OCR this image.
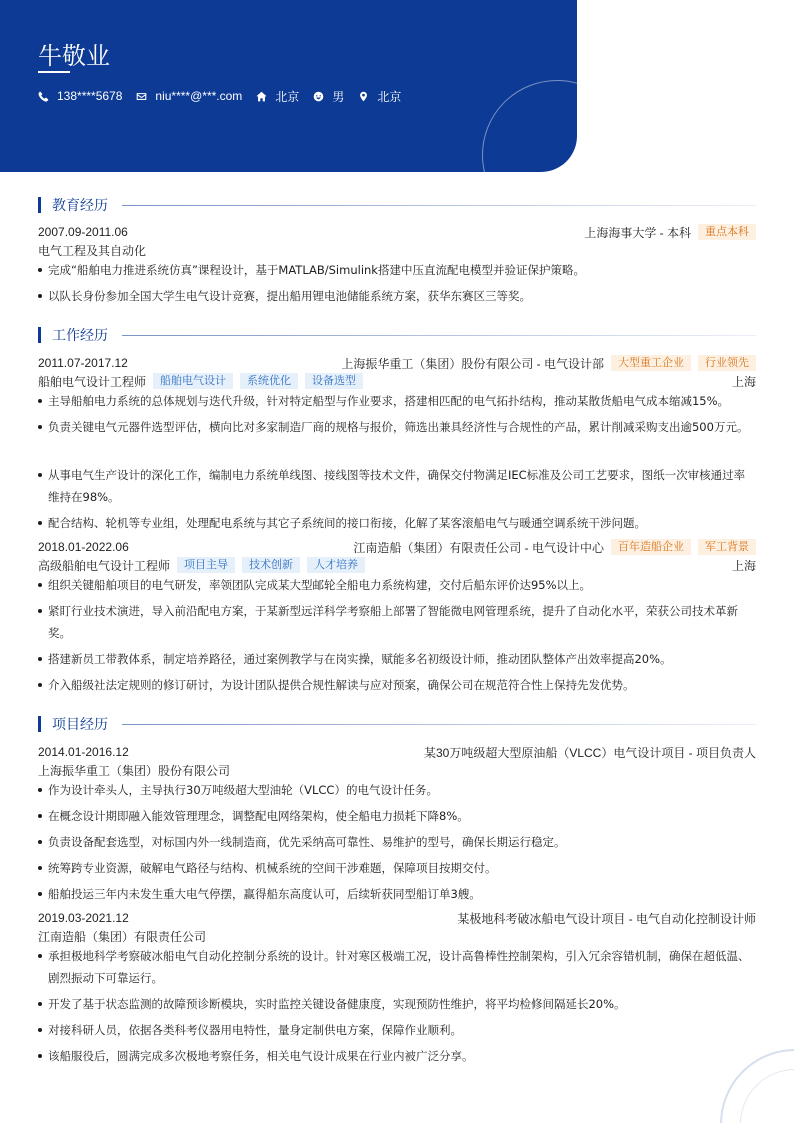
牛敬业
138****5678	niu****@***.com	北京	男	北京
教育经历
2007.09-2011.06	上海海事大学 - 本科	重点本科
电气工程及其自动化
完成“船舶电力推进系统仿真”课程设计，基于MATLAB/Simulink搭建中压直流配电模型并验证保护策略。
以队长身份参加全国大学生电气设计竞赛，提出船用锂电池储能系统方案，获华东赛区三等奖。
工作经历
2011.07-2017.12	上海振华重工（集团）股份有限公司 - 电气设计部	大型重工企业	行业领先
船舶电气设计工程师	船舶电气设计	系统优化	设备选型	上海
主导船舶电力系统的总体规划与迭代升级，针对特定船型与作业要求，搭建相匹配的电气拓扑结构，推动某散货船电气成本缩减15%。
负责关键电气元器件选型评估，横向比对多家制造厂商的规格与报价，筛选出兼具经济性与合规性的产品，累计削减采购支出逾500万元。
从事电气生产设计的深化工作，编制电力系统单线图、接线图等技术文件，确保交付物满足IEC标准及公司工艺要求，图纸一次审核通过率维持在98%。
配合结构、轮机等专业组，处理配电系统与其它子系统间的接口衔接，化解了某客滚船电气与暖通空调系统干涉问题。
2018.01-2022.06	江南造船（集团）有限责任公司 - 电气设计中心	百年造船企业	军工背景
高级船舶电气设计工程师	项目主导	技术创新	人才培养	上海
组织关键船舶项目的电气研发，率领团队完成某大型邮轮全船电力系统构建，交付后船东评价达95%以上。
紧盯行业技术演进，导入前沿配电方案，于某新型远洋科学考察船上部署了智能微电网管理系统，提升了自动化水平，荣获公司技术革新奖。
搭建新员工带教体系，制定培养路径，通过案例教学与在岗实操，赋能多名初级设计师，推动团队整体产出效率提高20%。
介入船级社法定规则的修订研讨，为设计团队提供合规性解读与应对预案，确保公司在规范符合性上保持先发优势。
项目经历
2014.01-2016.12	某30万吨级超大型原油船（VLCC）电气设计项目 - 项目负责人
上海振华重工（集团）股份有限公司
作为设计牵头人，主导执行30万吨级超大型油轮（VLCC）的电气设计任务。
在概念设计期即融入能效管理理念，调整配电网络架构，使全船电力损耗下降8%。
负责设备配套选型，对标国内外一线制造商，优先采纳高可靠性、易维护的型号，确保长期运行稳定。
统筹跨专业资源，破解电气路径与结构、机械系统的空间干涉难题，保障项目按期交付。
船舶投运三年内未发生重大电气停摆，赢得船东高度认可，后续斩获同型船订单3艘。
2019.03-2021.12	某极地科考破冰船电气设计项目 - 电气自动化控制设计师
江南造船（集团）有限责任公司
承担极地科学考察破冰船电气自动化控制分系统的设计。针对寒区极端工况，设计高鲁棒性控制架构，引入冗余容错机制，确保在超低温、剧烈振动下可靠运行。
开发了基于状态监测的故障预诊断模块，实时监控关键设备健康度，实现预防性维护，将平均检修间隔延长20%。
对接科研人员，依据各类科考仪器用电特性，量身定制供电方案，保障作业顺利。
该船服役后，圆满完成多次极地考察任务，相关电气设计成果在行业内被广泛分享。
